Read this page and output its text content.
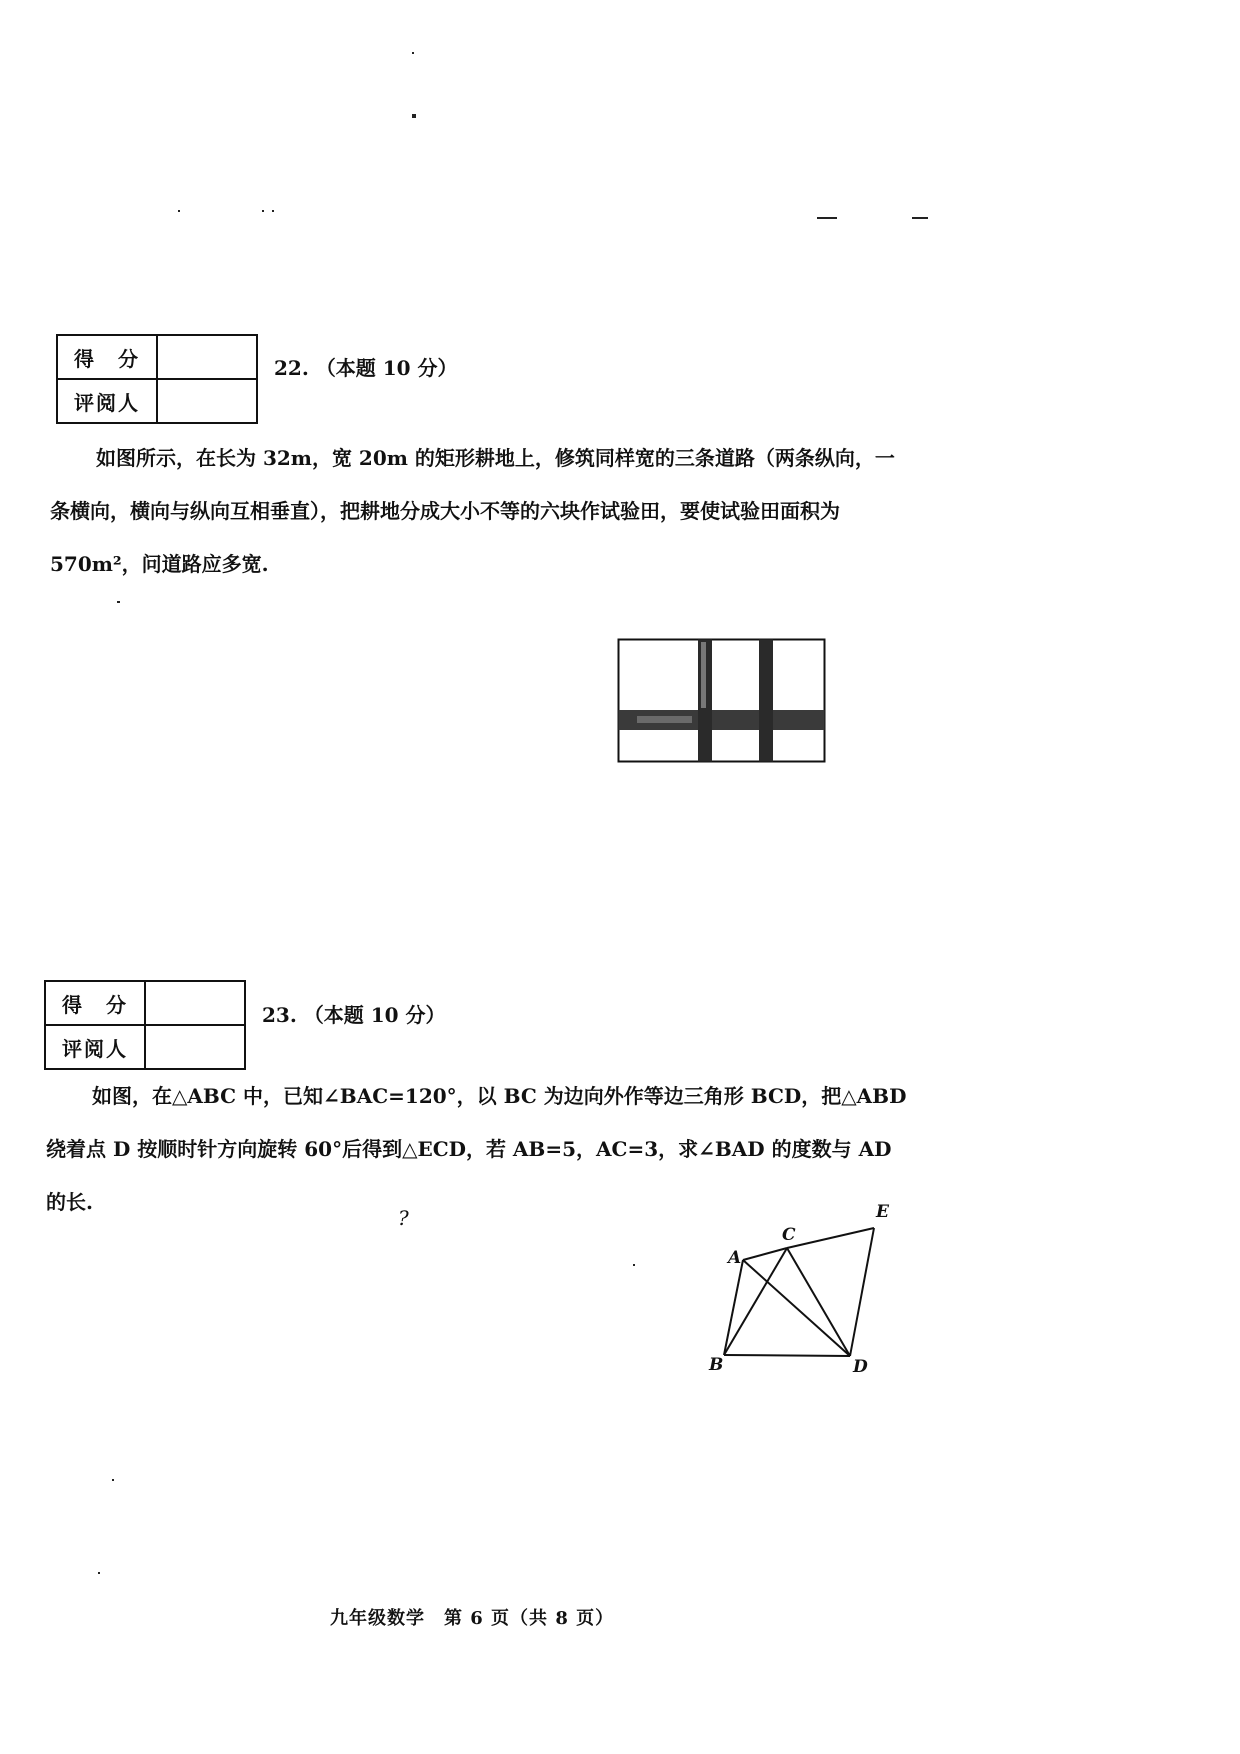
得　分	
评阅人	
22. （本题 10 分）

如图所示，在长为 32m，宽 20m 的矩形耕地上，修筑同样宽的三条道路（两条纵向，一条横向，横向与纵向互相垂直），把耕地分成大小不等的六块作试验田，要使试验田面积为 570m²，问道路应多宽.

得　分	
评阅人	
23. （本题 10 分）

如图，在△ABC 中，已知∠BAC=120°，以 BC 为边向外作等边三角形 BCD，把△ABD 绕着点 D 按顺时针方向旋转 60°后得到△ECD，若 AB=5，AC=3，求∠BAD 的度数与 AD 的长.

?
A
B
C
D
E
九年级数学　第 6 页（共 8 页）
